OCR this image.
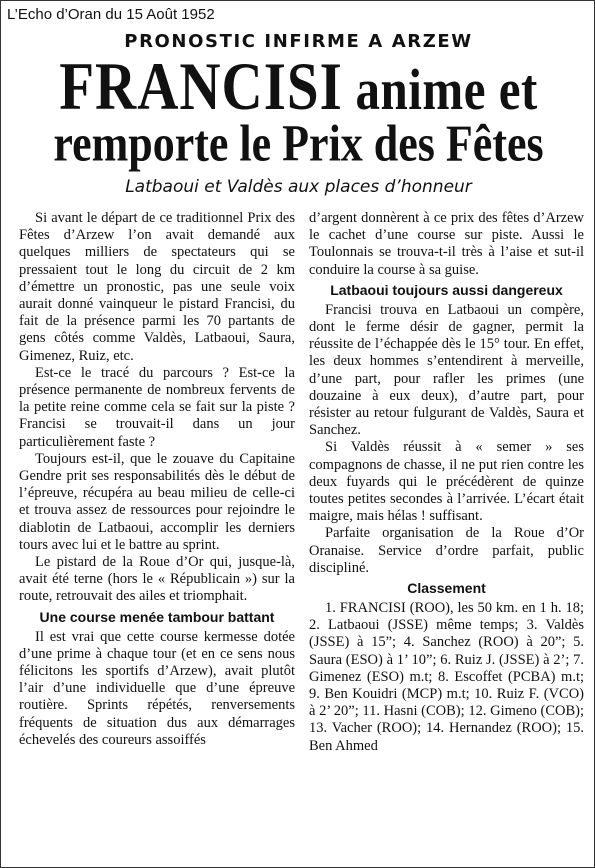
L’Echo d’Oran du 15 Août 1952
PRONOSTIC INFIRME A ARZEW
FRANCISI anime et
remporte le Prix des Fêtes
Latbaoui et Valdès aux places d’honneur

Si avant le départ de ce traditionnel Prix des Fêtes d’Arzew l’on avait demandé aux quelques milliers de spectateurs qui se pressaient tout le long du circuit de 2 km d’émettre un pronostic, pas une seule voix aurait donné vainqueur le pistard Francisi, du fait de la présence parmi les 70 partants de gens côtés comme Valdès, Latbaoui, Saura, Gimenez, Ruiz, etc.

Est-ce le tracé du parcours ? Est-ce la présence permanente de nombreux fervents de la petite reine comme cela se fait sur la piste ? Francisi se trouvait-il dans un jour particulièrement faste ?

Toujours est-il, que le zouave du Capitaine Gendre prit ses responsabilités dès le début de l’épreuve, récupéra au beau milieu de celle-ci et trouva assez de ressources pour rejoindre le diablotin de Latbaoui, accomplir les derniers tours avec lui et le battre au sprint.

Le pistard de la Roue d’Or qui, jusque-là, avait été terne (hors le « Républicain ») sur la route, retrouvait des ailes et triomphait.

Une course menée tambour battant

Il est vrai que cette course kermesse dotée d’une prime à chaque tour (et en ce sens nous félicitons les sportifs d’Arzew), avait plutôt l’air d’une individuelle que d’une épreuve routière. Sprints répétés, renversements fréquents de situation dus aux démarrages échevelés des coureurs assoiffés

d’argent donnèrent à ce prix des fêtes d’Arzew le cachet d’une course sur piste. Aussi le Toulonnais se trouva-t-il très à l’aise et sut-il conduire la course à sa guise.

Latbaoui toujours aussi dangereux

Francisi trouva en Latbaoui un compère, dont le ferme désir de gagner, permit la réussite de l’échappée dès le 15° tour. En effet, les deux hommes s’entendirent à merveille, d’une part, pour rafler les primes (une douzaine à eux deux), d’autre part, pour résister au retour fulgurant de Valdès, Saura et Sanchez.

Si Valdès réussit à « semer » ses compagnons de chasse, il ne put rien contre les deux fuyards qui le précédèrent de quinze toutes petites secondes à l’arrivée. L’écart était maigre, mais hélas ! suffisant.

Parfaite organisation de la Roue d’Or Oranaise. Service d’ordre parfait, public discipliné.

Classement

1. FRANCISI (ROO), les 50 km. en 1 h. 18; 2. Latbaoui (JSSE) même temps; 3. Valdès (JSSE) à 15”; 4. Sanchez (ROO) à 20”; 5. Saura (ESO) à 1’ 10”; 6. Ruiz J. (JSSE) à 2’; 7. Gimenez (ESO) m.t; 8. Escoffet (PCBA) m.t; 9. Ben Kouidri (MCP) m.t; 10. Ruiz F. (VCO) à 2’ 20”; 11. Hasni (COB); 12. Gimeno (COB); 13. Vacher (ROO); 14. Hernandez (ROO); 15. Ben Ahmed
